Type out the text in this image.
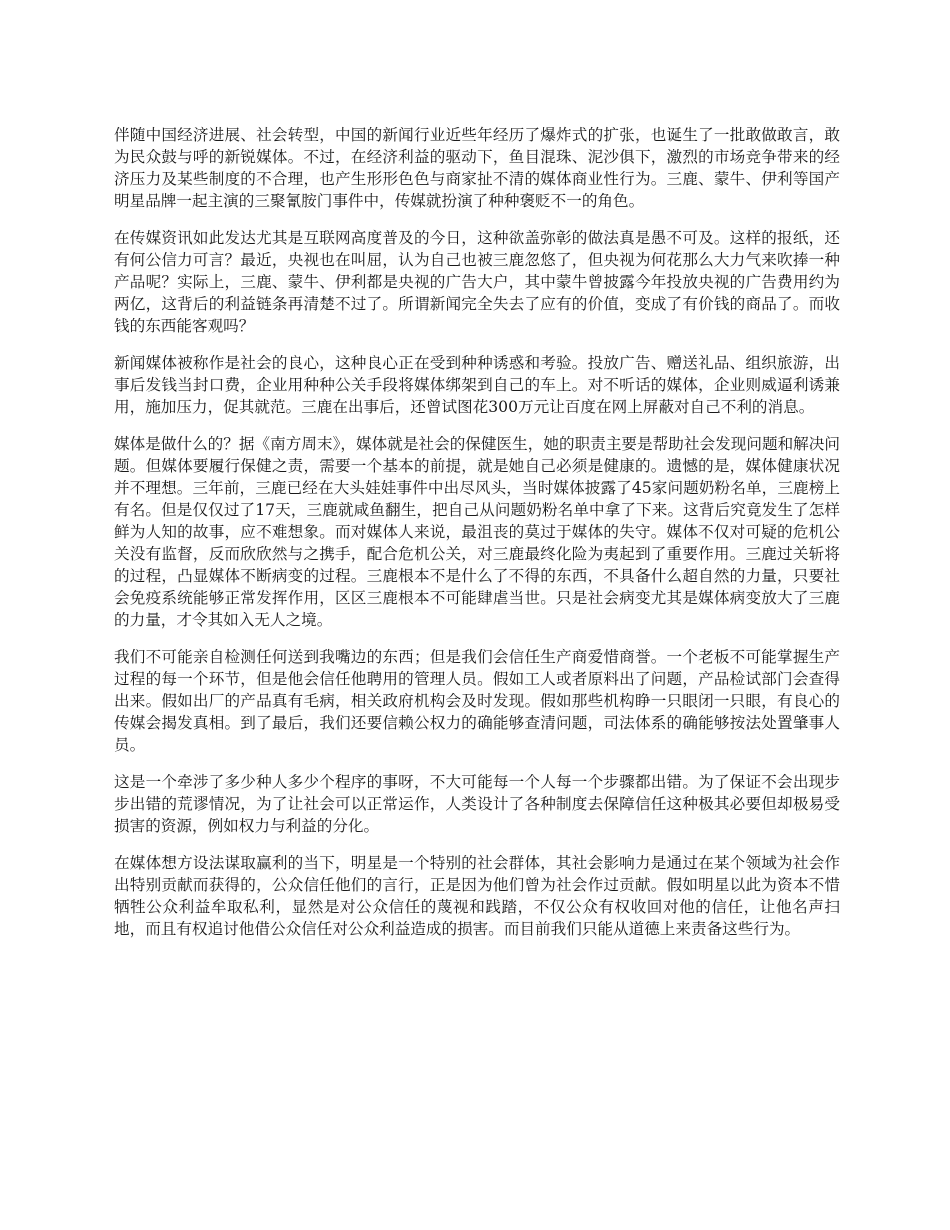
伴随中国经济进展、社会转型，中国的新闻行业近些年经历了爆炸式的扩张，也诞生了一批敢做敢言，敢为民众鼓与呼的新锐媒体。不过，在经济利益的驱动下，鱼目混珠、泥沙俱下，激烈的市场竞争带来的经济压力及某些制度的不合理，也产生形形色色与商家扯不清的媒体商业性行为。三鹿、蒙牛、伊利等国产明星品牌一起主演的三聚氰胺门事件中，传媒就扮演了种种褒贬不一的角色。

在传媒资讯如此发达尤其是互联网高度普及的今日，这种欲盖弥彰的做法真是愚不可及。这样的报纸，还有何公信力可言？最近，央视也在叫屈，认为自己也被三鹿忽悠了，但央视为何花那么大力气来吹捧一种产品呢？实际上，三鹿、蒙牛、伊利都是央视的广告大户，其中蒙牛曾披露今年投放央视的广告费用约为两亿，这背后的利益链条再清楚不过了。所谓新闻完全失去了应有的价值，变成了有价钱的商品了。而收钱的东西能客观吗？

新闻媒体被称作是社会的良心，这种良心正在受到种种诱惑和考验。投放广告、赠送礼品、组织旅游，出事后发钱当封口费，企业用种种公关手段将媒体绑架到自己的车上。对不听话的媒体，企业则威逼利诱兼用，施加压力，促其就范。三鹿在出事后，还曾试图花300万元让百度在网上屏蔽对自己不利的消息。

媒体是做什么的？据《南方周末》，媒体就是社会的保健医生，她的职责主要是帮助社会发现问题和解决问题。但媒体要履行保健之责，需要一个基本的前提，就是她自己必须是健康的。遗憾的是，媒体健康状况并不理想。三年前，三鹿已经在大头娃娃事件中出尽风头，当时媒体披露了45家问题奶粉名单，三鹿榜上有名。但是仅仅过了17天，三鹿就咸鱼翻生，把自己从问题奶粉名单中拿了下来。这背后究竟发生了怎样鲜为人知的故事，应不难想象。而对媒体人来说，最沮丧的莫过于媒体的失守。媒体不仅对可疑的危机公关没有监督，反而欣欣然与之携手，配合危机公关，对三鹿最终化险为夷起到了重要作用。三鹿过关斩将的过程，凸显媒体不断病变的过程。三鹿根本不是什么了不得的东西，不具备什么超自然的力量，只要社会免疫系统能够正常发挥作用，区区三鹿根本不可能肆虐当世。只是社会病变尤其是媒体病变放大了三鹿的力量，才令其如入无人之境。

我们不可能亲自检测任何送到我嘴边的东西；但是我们会信任生产商爱惜商誉。一个老板不可能掌握生产过程的每一个环节，但是他会信任他聘用的管理人员。假如工人或者原料出了问题，产品检试部门会查得出来。假如出厂的产品真有毛病，相关政府机构会及时发现。假如那些机构睁一只眼闭一只眼，有良心的传媒会揭发真相。到了最后，我们还要信赖公权力的确能够查清问题，司法体系的确能够按法处置肇事人员。

这是一个牵涉了多少种人多少个程序的事呀，不大可能每一个人每一个步骤都出错。为了保证不会出现步步出错的荒谬情况，为了让社会可以正常运作，人类设计了各种制度去保障信任这种极其必要但却极易受损害的资源，例如权力与利益的分化。

在媒体想方设法谋取赢利的当下，明星是一个特别的社会群体，其社会影响力是通过在某个领域为社会作出特别贡献而获得的，公众信任他们的言行，正是因为他们曾为社会作过贡献。假如明星以此为资本不惜牺牲公众利益牟取私利，显然是对公众信任的蔑视和践踏，不仅公众有权收回对他的信任，让他名声扫地，而且有权追讨他借公众信任对公众利益造成的损害。而目前我们只能从道德上来责备这些行为。
